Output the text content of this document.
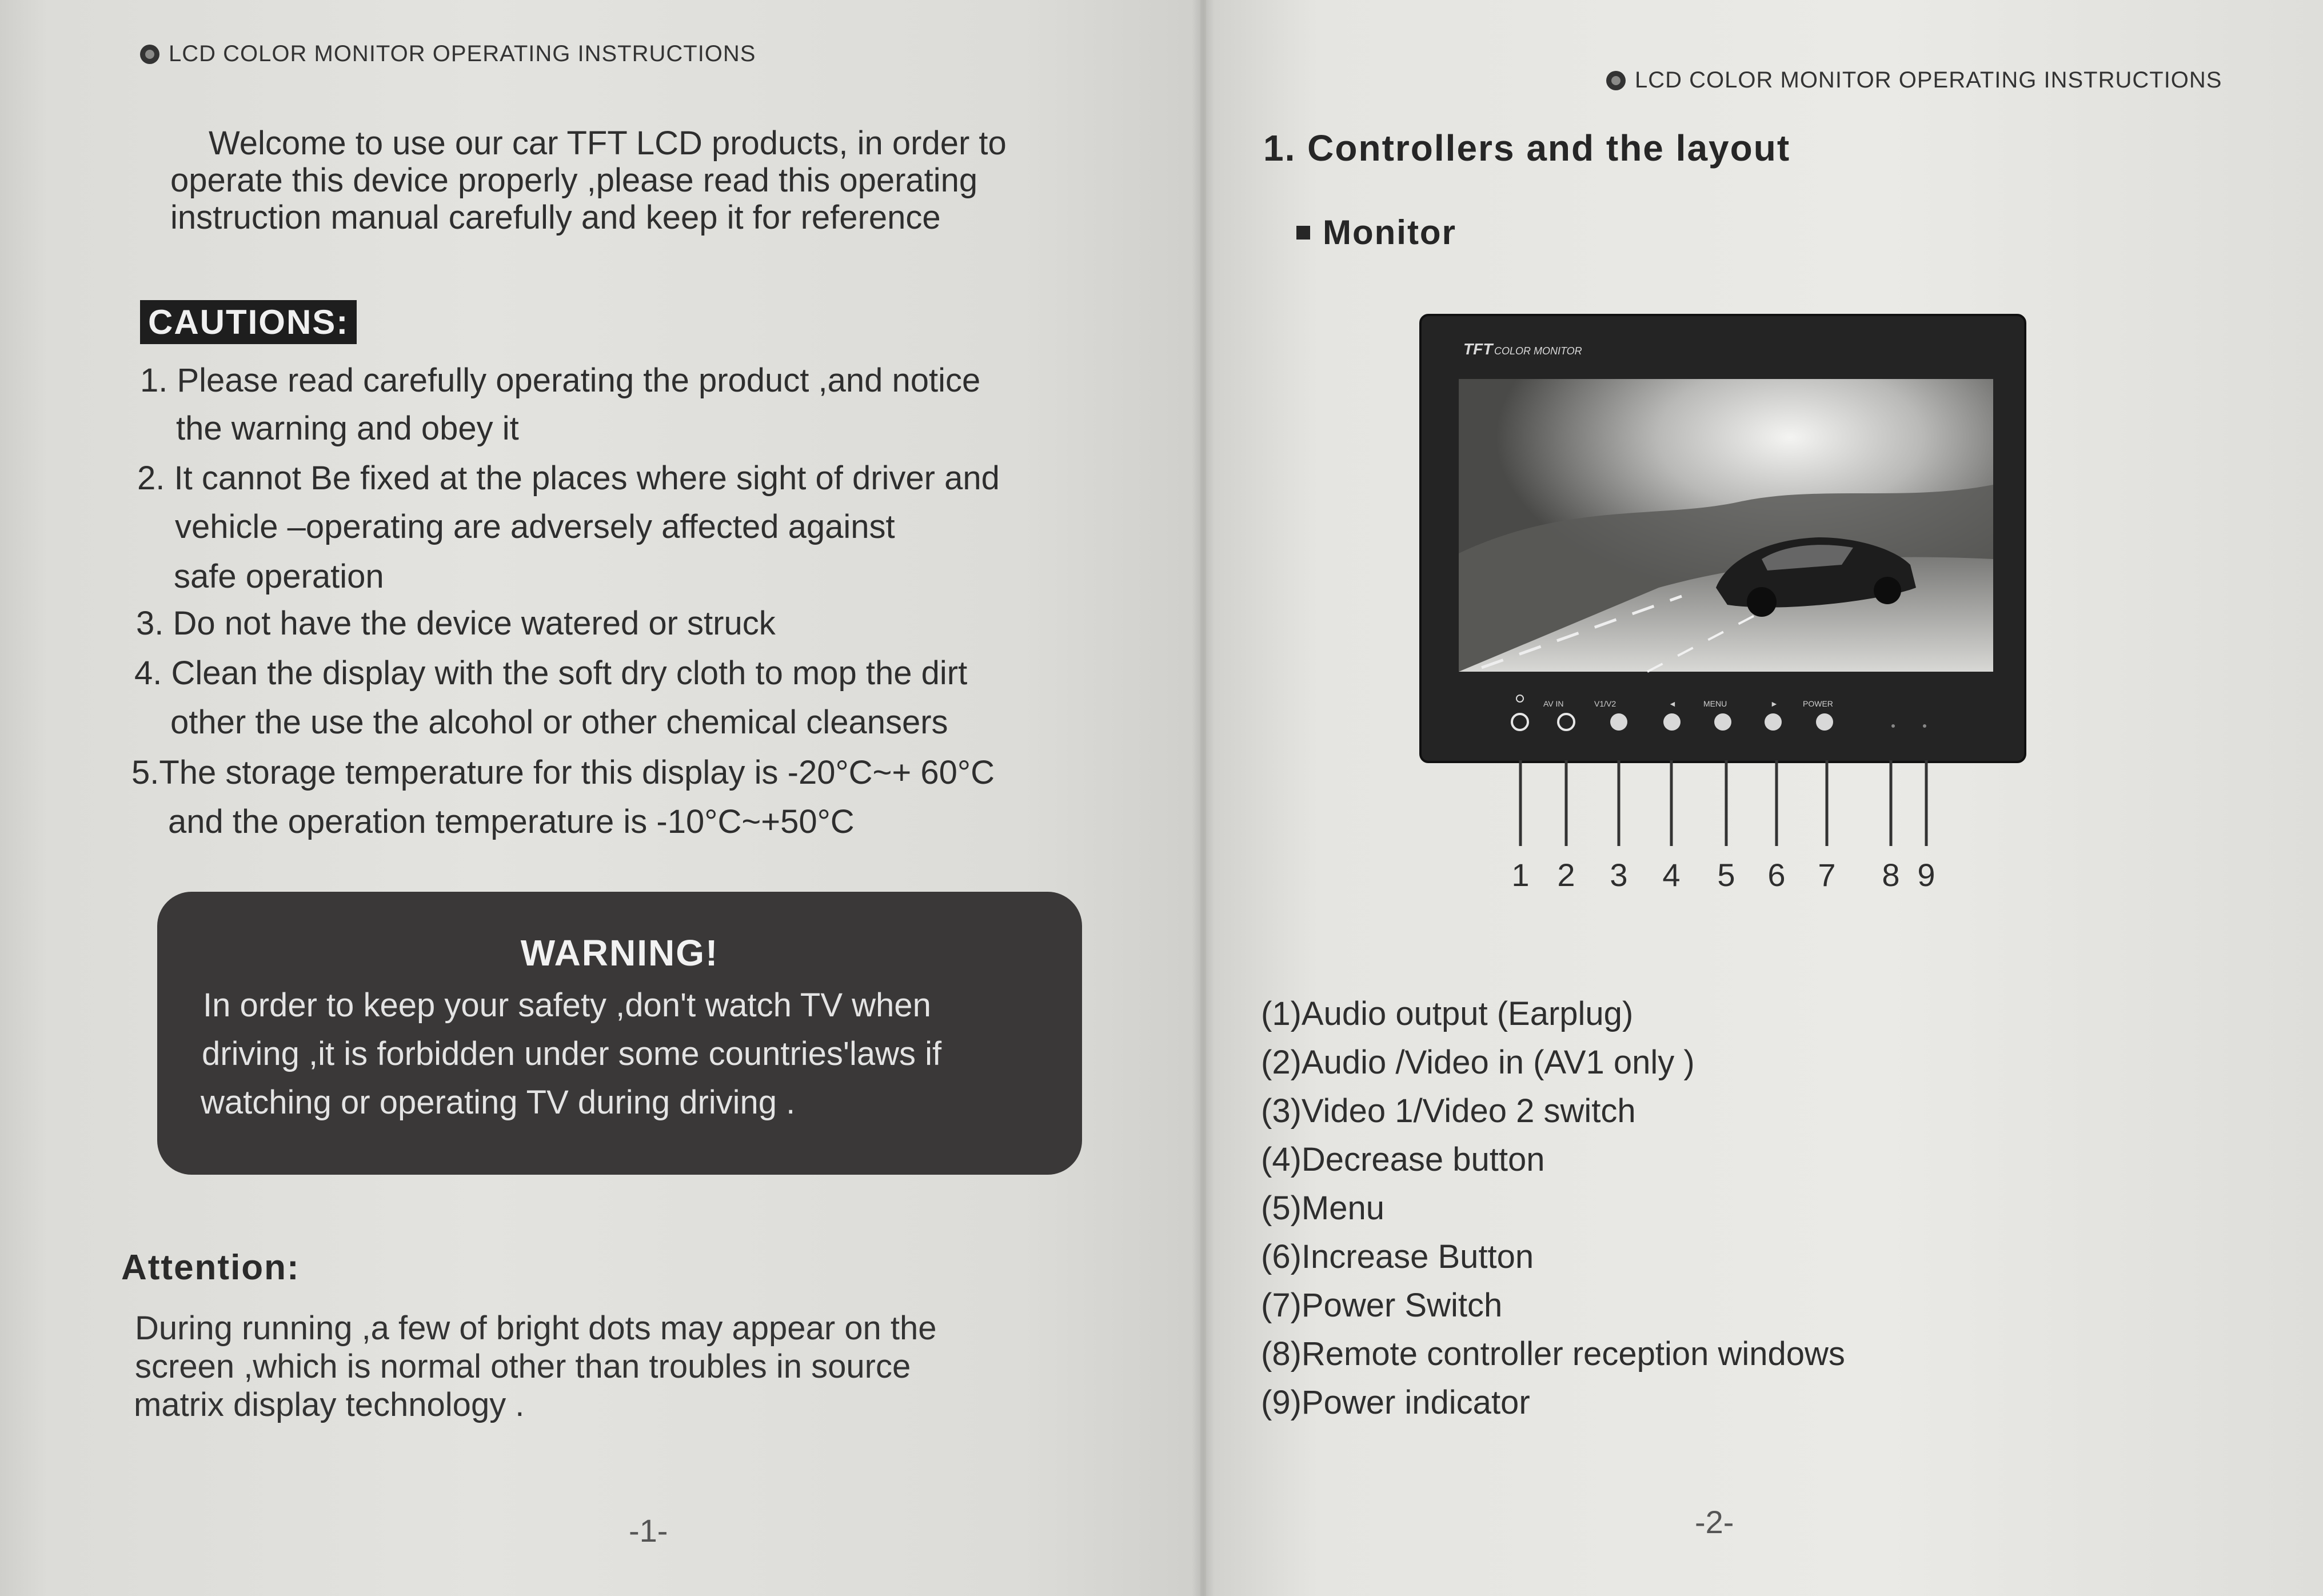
LCD COLOR MONITOR OPERATING INSTRUCTIONS
Welcome to use our car TFT LCD products, in order to
operate this device properly ,please read this operating
instruction manual carefully and keep it for reference
CAUTIONS:
1. Please read carefully operating the product ,and notice
the warning and obey it
2. It cannot Be fixed at the places where sight of driver and
vehicle –operating are adversely affected against
safe operation
3. Do not have the device watered or struck
4. Clean the display with the soft dry cloth to mop the dirt
other the use the alcohol or other chemical cleansers
5.The storage temperature for this display is -20°C~+ 60°C
and the operation temperature is -10°C~+50°C
WARNING!
In order to keep your safety ,don't watch TV when
driving ,it is forbidden under some countries'laws if
watching or operating TV during driving .
Attention:
During running ,a few of bright dots may appear on the
screen ,which is normal other than troubles in source
matrix display technology .
-1-
LCD COLOR MONITOR OPERATING INSTRUCTIONS
1. Controllers and the layout
Monitor
TFT COLOR MONITOR
AV IN	V1/V2	◄	MENU	►	POWER
1 2 3 4 5 6 7 8 9
(1)Audio output (Earplug)
(2)Audio /Video in (AV1 only )
(3)Video 1/Video 2 switch
(4)Decrease button
(5)Menu
(6)Increase Button
(7)Power Switch
(8)Remote controller reception windows
(9)Power indicator
-2-
